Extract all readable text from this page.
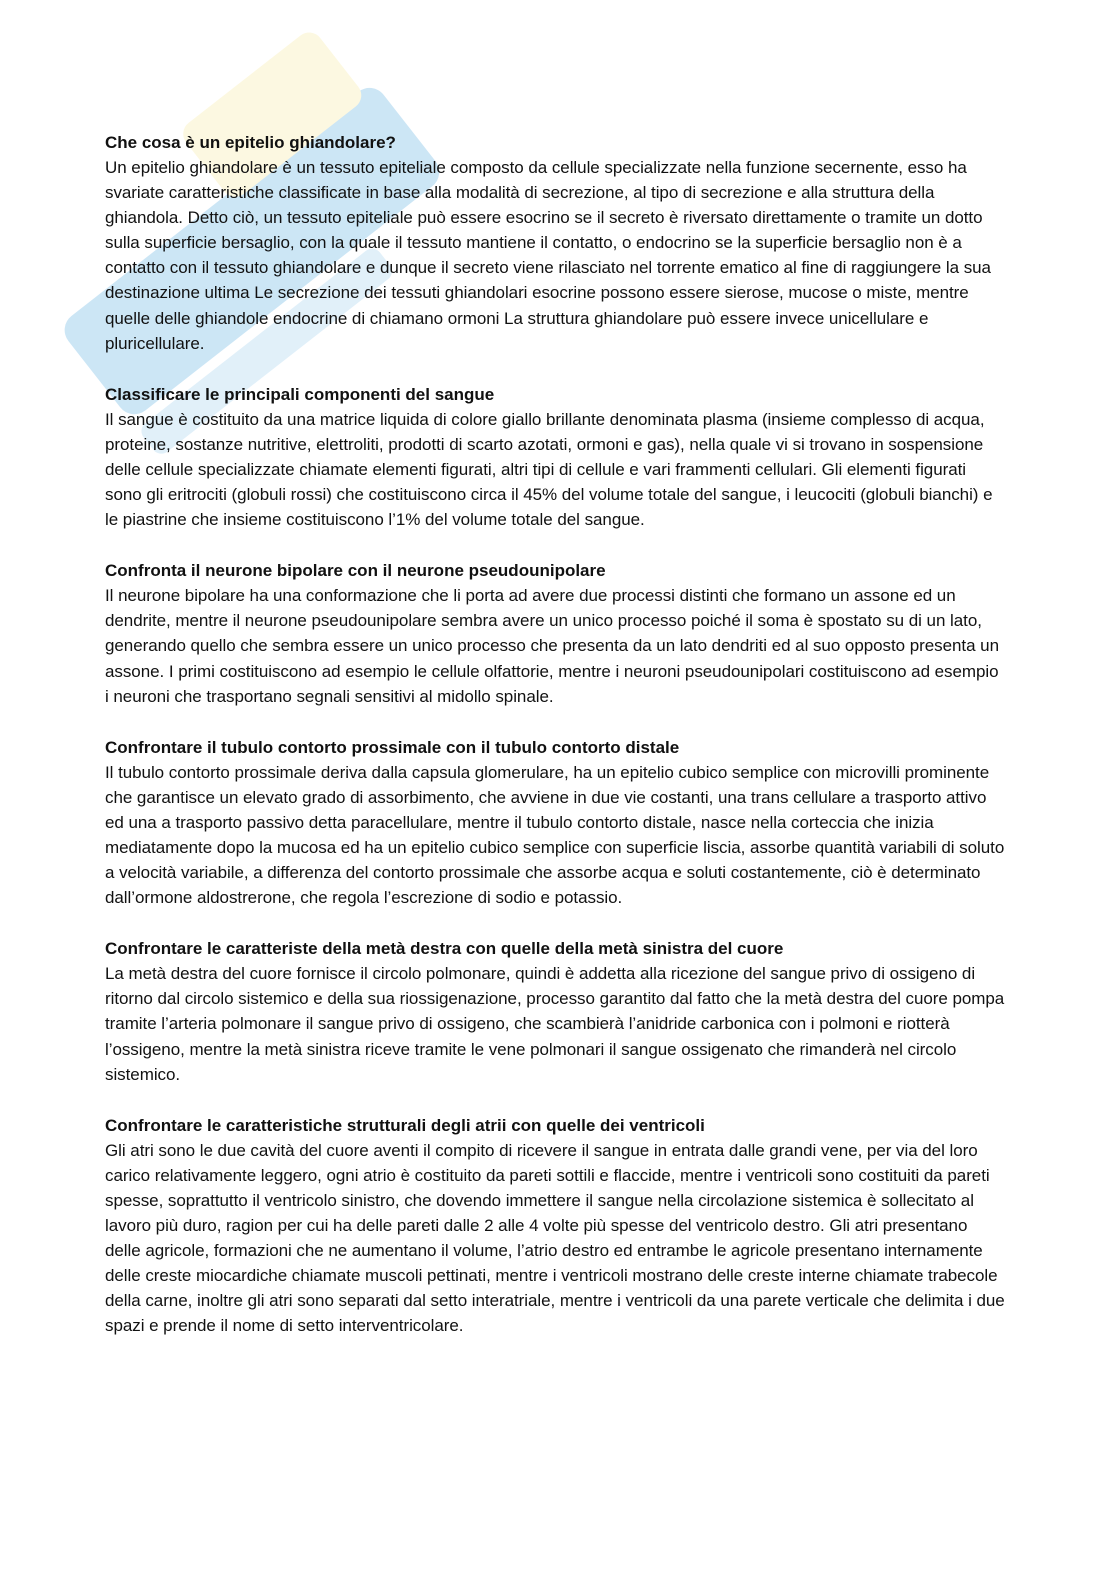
Che cosa è un epitelio ghiandolare?

Un epitelio ghiandolare è un tessuto epiteliale composto da cellule specializzate nella funzione secernente, esso ha svariate caratteristiche classificate in base alla modalità di secrezione, al tipo di secrezione e alla struttura della ghiandola. Detto ciò, un tessuto epiteliale può essere esocrino se il secreto è riversato direttamente o tramite un dotto sulla superficie bersaglio, con la quale il tessuto mantiene il contatto, o endocrino se la superficie bersaglio non è a contatto con il tessuto ghiandolare e dunque il secreto viene rilasciato nel torrente ematico al fine di raggiungere la sua destinazione ultima Le secrezione dei tessuti ghiandolari esocrine possono essere sierose, mucose o miste, mentre quelle delle ghiandole endocrine di chiamano ormoni La struttura ghiandolare può essere invece unicellulare e pluricellulare.

Classificare le principali componenti del sangue

Il sangue è costituito da una matrice liquida di colore giallo brillante denominata plasma (insieme complesso di acqua, proteine, sostanze nutritive, elettroliti, prodotti di scarto azotati, ormoni e gas), nella quale vi si trovano in sospensione delle cellule specializzate chiamate elementi figurati, altri tipi di cellule e vari frammenti cellulari. Gli elementi figurati sono gli eritrociti (globuli rossi) che costituiscono circa il 45% del volume totale del sangue, i leucociti (globuli bianchi) e le piastrine che insieme costituiscono l’1% del volume totale del sangue.

Confronta il neurone bipolare con il neurone pseudounipolare

Il neurone bipolare ha una conformazione che li porta ad avere due processi distinti che formano un assone ed un dendrite, mentre il neurone pseudounipolare sembra avere un unico processo poiché il soma è spostato su di un lato, generando quello che sembra essere un unico processo che presenta da un lato dendriti ed al suo opposto presenta un assone. I primi costituiscono ad esempio le cellule olfattorie, mentre i neuroni pseudounipolari costituiscono ad esempio i neuroni che trasportano segnali sensitivi al midollo spinale.

Confrontare il tubulo contorto prossimale con il tubulo contorto distale

Il tubulo contorto prossimale deriva dalla capsula glomerulare, ha un epitelio cubico semplice con microvilli prominente che garantisce un elevato grado di assorbimento, che avviene in due vie costanti, una trans cellulare a trasporto attivo ed una a trasporto passivo detta paracellulare, mentre il tubulo contorto distale, nasce nella corteccia che inizia mediatamente dopo la mucosa ed ha un epitelio cubico semplice con superficie liscia, assorbe quantità variabili di soluto a velocità variabile, a differenza del contorto prossimale che assorbe acqua e soluti costantemente, ciò è determinato dall’ormone aldostrerone, che regola l’escrezione di sodio e potassio.

Confrontare le caratteriste della metà destra con quelle della metà sinistra del cuore

La metà destra del cuore fornisce il circolo polmonare, quindi è addetta alla ricezione del sangue privo di ossigeno di ritorno dal circolo sistemico e della sua riossigenazione, processo garantito dal fatto che la metà destra del cuore pompa tramite l’arteria polmonare il sangue privo di ossigeno, che scambierà l’anidride carbonica con i polmoni e riotterà l’ossigeno, mentre la metà sinistra riceve tramite le vene polmonari il sangue ossigenato che rimanderà nel circolo sistemico.

Confrontare le caratteristiche strutturali degli atrii con quelle dei ventricoli

Gli atri sono le due cavità del cuore aventi il compito di ricevere il sangue in entrata dalle grandi vene, per via del loro carico relativamente leggero, ogni atrio è costituito da pareti sottili e flaccide, mentre i ventricoli sono costituiti da pareti spesse, soprattutto il ventricolo sinistro, che dovendo immettere il sangue nella circolazione sistemica è sollecitato al lavoro più duro, ragion per cui ha delle pareti dalle 2 alle 4 volte più spesse del ventricolo destro. Gli atri presentano delle agricole, formazioni che ne aumentano il volume, l’atrio destro ed entrambe le agricole presentano internamente delle creste miocardiche chiamate muscoli pettinati, mentre i ventricoli mostrano delle creste interne chiamate trabecole della carne, inoltre gli atri sono separati dal setto interatriale, mentre i ventricoli da una parete verticale che delimita i due spazi e prende il nome di setto interventricolare.
